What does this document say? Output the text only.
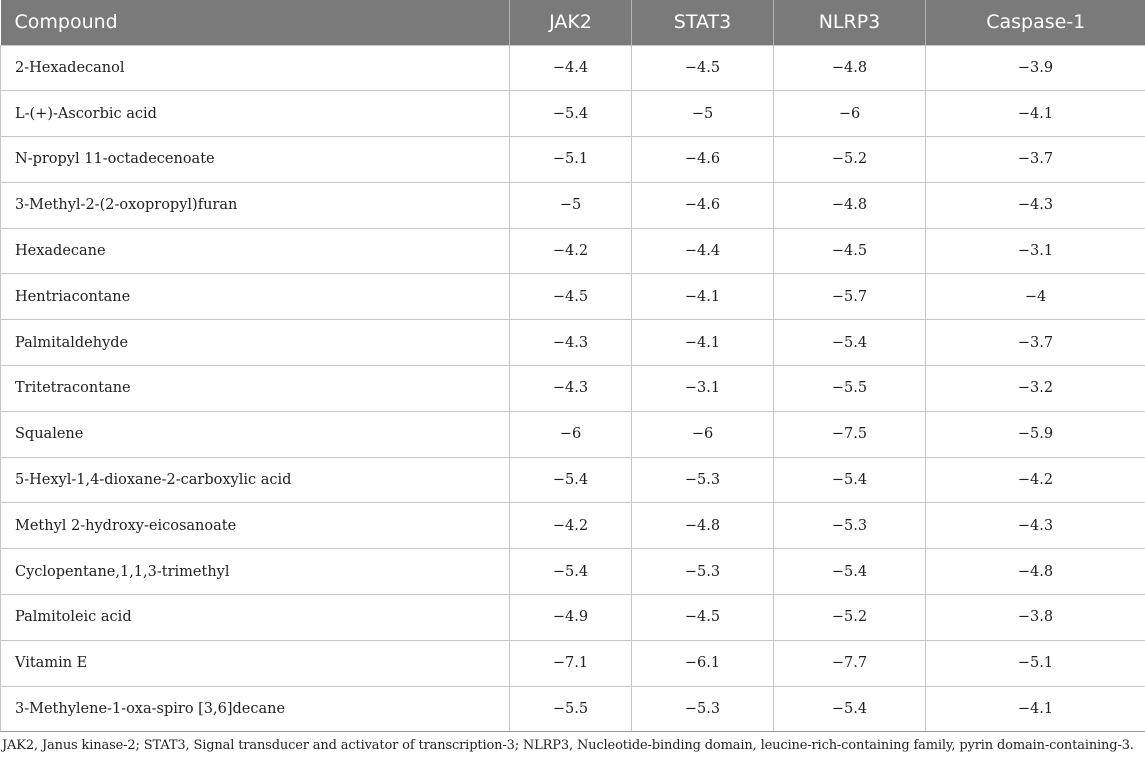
Compound	JAK2	STAT3	NLRP3	Caspase-1
2-Hexadecanol	−4.4	−4.5	−4.8	−3.9
L-(+)-Ascorbic acid	−5.4	−5	−6	−4.1
N-propyl 11-octadecenoate	−5.1	−4.6	−5.2	−3.7
3-Methyl-2-(2-oxopropyl)furan	−5	−4.6	−4.8	−4.3
Hexadecane	−4.2	−4.4	−4.5	−3.1
Hentriacontane	−4.5	−4.1	−5.7	−4
Palmitaldehyde	−4.3	−4.1	−5.4	−3.7
Tritetracontane	−4.3	−3.1	−5.5	−3.2
Squalene	−6	−6	−7.5	−5.9
5-Hexyl-1,4-dioxane-2-carboxylic acid	−5.4	−5.3	−5.4	−4.2
Methyl 2-hydroxy-eicosanoate	−4.2	−4.8	−5.3	−4.3
Cyclopentane,1,1,3-trimethyl	−5.4	−5.3	−5.4	−4.8
Palmitoleic acid	−4.9	−4.5	−5.2	−3.8
Vitamin E	−7.1	−6.1	−7.7	−5.1
3-Methylene-1-oxa-spiro [3,6]decane	−5.5	−5.3	−5.4	−4.1
JAK2, Janus kinase-2; STAT3, Signal transducer and activator of transcription-3; NLRP3, Nucleotide-binding domain, leucine-rich-containing family, pyrin domain-containing-3.
